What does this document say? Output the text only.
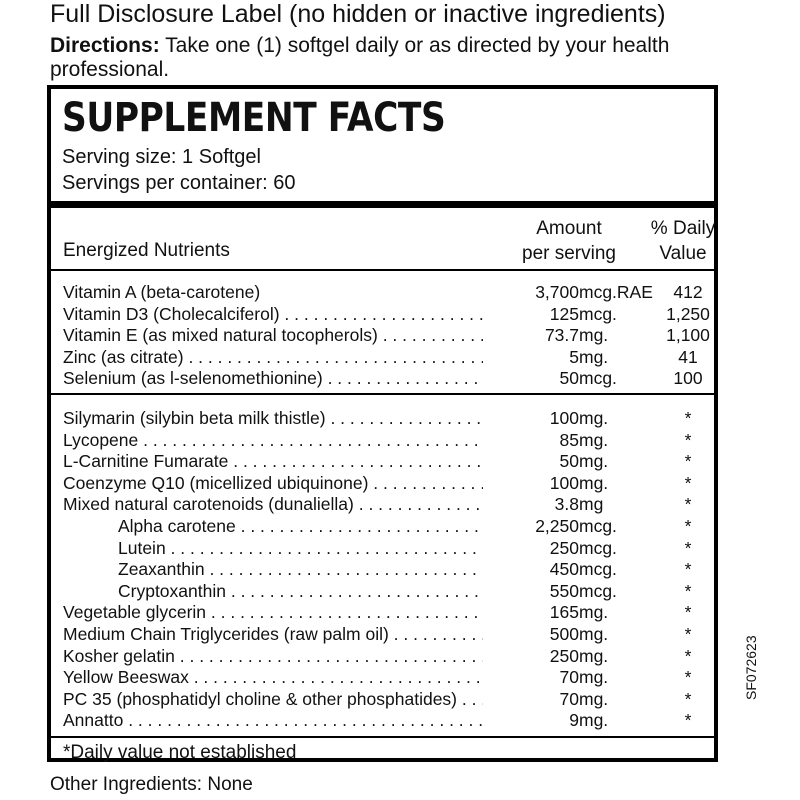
Full Disclosure Label (no hidden or inactive ingredients)
Directions: Take one (1) softgel daily or as directed by your health professional.
SUPPLEMENT FACTS
Serving size: 1 Softgel
Servings per container: 60
Energized Nutrients
Amount
per serving
% Daily
Value
Vitamin A (beta-carotene)	3,700 mcg.RAE	412
Vitamin D3 (Cholecalciferol) . . .	125 mcg.	1,250
Vitamin E (as mixed natural tocopherols) . . .	73.7 mg.	1,100
Zinc (as citrate) . . .	5 mg.	41
Selenium (as l-selenomethionine) . . .	50 mcg.	100
Silymarin (silybin beta milk thistle) . . .	100 mg.	*
Lycopene . . .	85 mg.	*
L-Carnitine Fumarate . . .	50 mg.	*
Coenzyme Q10 (micellized ubiquinone) . . .	100 mg.	*
Mixed natural carotenoids (dunaliella) . . .	3.8 mg	*
Alpha carotene . . .	2,250 mcg.	*
Lutein . . .	250 mcg.	*
Zeaxanthin . . .	450 mcg.	*
Cryptoxanthin . . .	550 mcg.	*
Vegetable glycerin . . .	165 mg.	*
Medium Chain Triglycerides (raw palm oil) . . .	500 mg.	*
Kosher gelatin . . .	250 mg.	*
Yellow Beeswax . . .	70 mg.	*
PC 35 (phosphatidyl choline & other phosphatides) . . .	70 mg.	*
Annatto . . .	9 mg.	*
*Daily value not established
Other Ingredients: None
SF072623
